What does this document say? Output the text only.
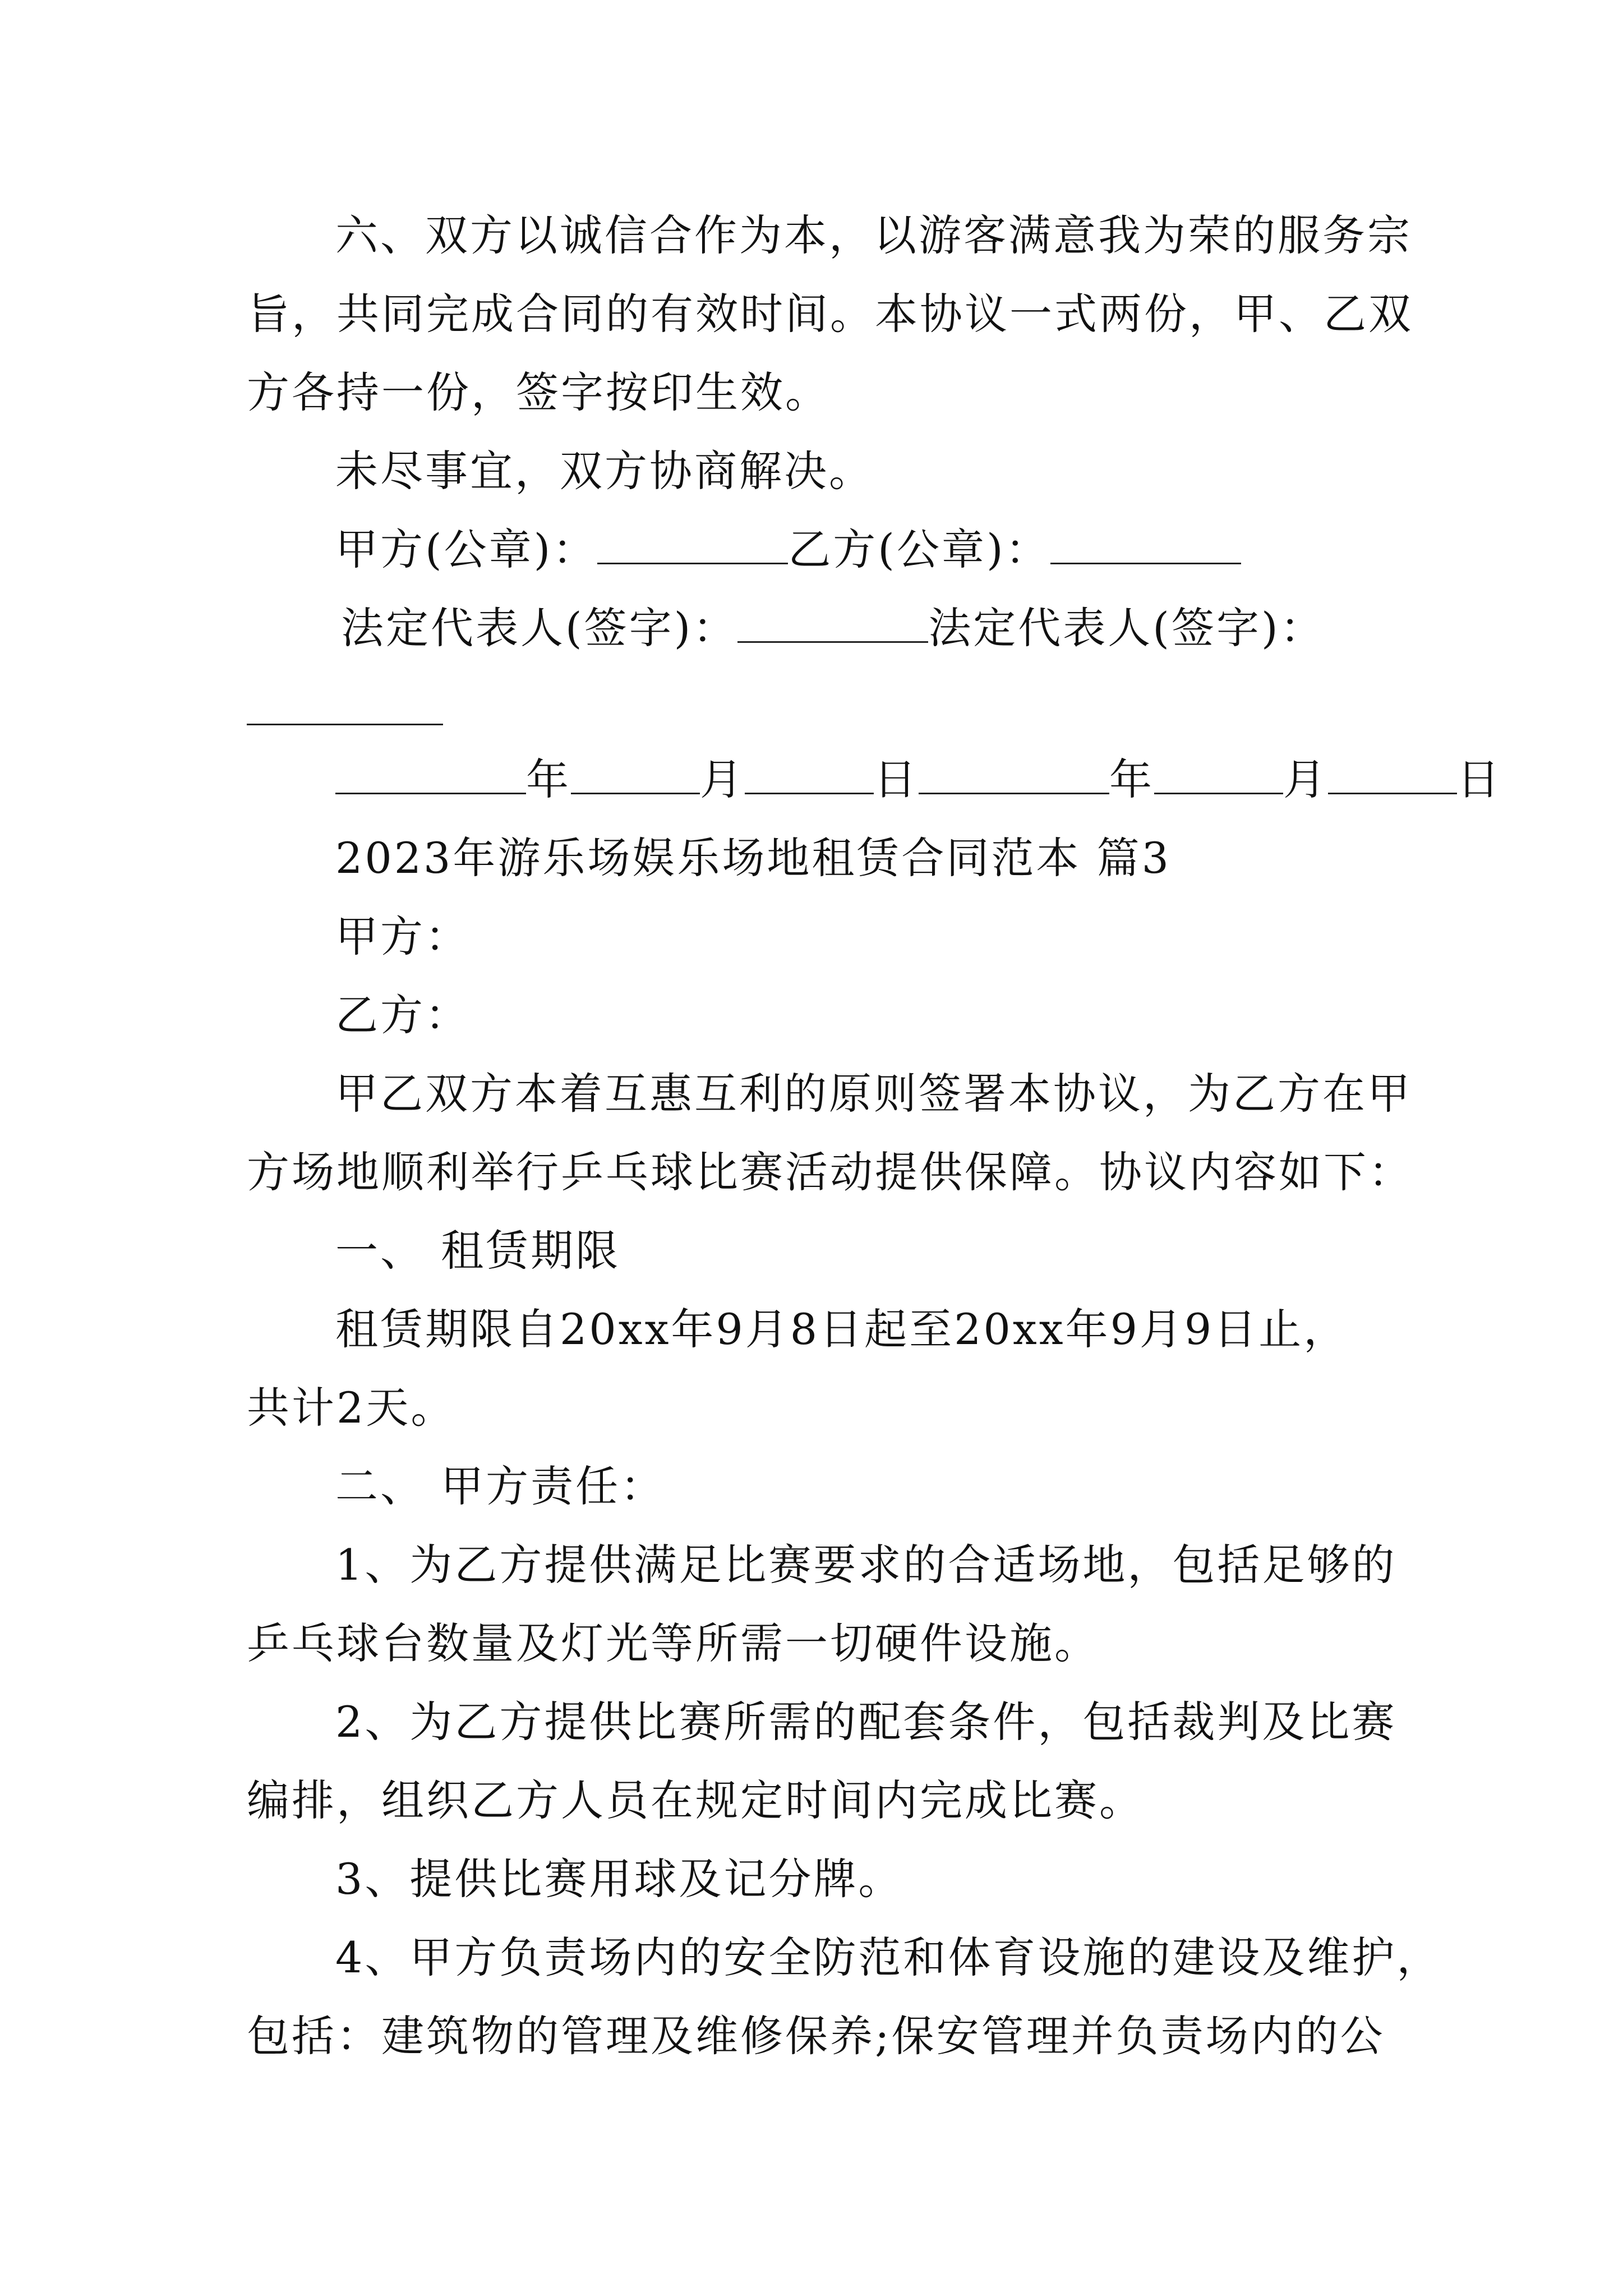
六、双方以诚信合作为本，以游客满意我为荣的服务宗
旨，共同完成合同的有效时间。本协议一式两份，甲、乙双
方各持一份，签字按印生效。
未尽事宜，双方协商解决。
甲方(公章)：	乙方(公章)：
法定代表人(签字)：	法定代表人(签字)：
年	月	日	年	月	日
2023年游乐场娱乐场地租赁合同范本 篇3
甲方：
乙方：
甲乙双方本着互惠互利的原则签署本协议，为乙方在甲
方场地顺利举行乒乓球比赛活动提供保障。协议内容如下：
一、 租赁期限
租赁期限自20xx年9月8日起至20xx年9月9日止，
共计2天。
二、 甲方责任：
1、为乙方提供满足比赛要求的合适场地，包括足够的
乒乓球台数量及灯光等所需一切硬件设施。
2、为乙方提供比赛所需的配套条件，包括裁判及比赛
编排，组织乙方人员在规定时间内完成比赛。
3、提供比赛用球及记分牌。
4、甲方负责场内的安全防范和体育设施的建设及维护，
包括：建筑物的管理及维修保养;保安管理并负责场内的公
